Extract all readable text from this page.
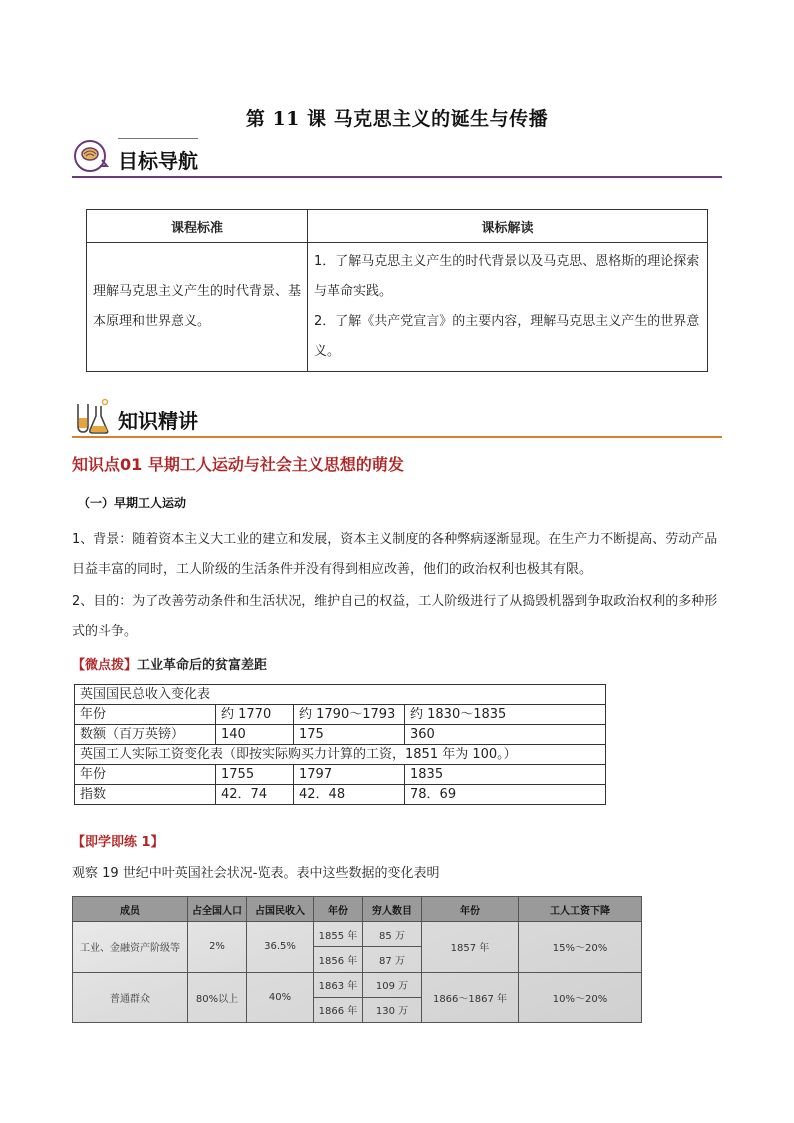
第 11 课 马克思主义的诞生与传播
目标导航
课程标准	课标解读
理解马克思主义产生的时代背景、基本原理和世界意义。	1．了解马克思主义产生的时代背景以及马克思、恩格斯的理论探索与革命实践。
2．了解《共产党宣言》的主要内容，理解马克思主义产生的世界意义。
知识精讲
知识点01 早期工人运动与社会主义思想的萌发
（一）早期工人运动
1、背景：随着资本主义大工业的建立和发展，资本主义制度的各种弊病逐渐显现。在生产力不断提高、劳动产品日益丰富的同时，工人阶级的生活条件并没有得到相应改善，他们的政治权利也极其有限。
2、目的：为了改善劳动条件和生活状况，维护自己的权益，工人阶级进行了从捣毁机器到争取政治权利的多种形式的斗争。
【微点拨】工业革命后的贫富差距
英国国民总收入变化表			
年份	约 1770	约 1790～1793	约 1830～1835
数额（百万英镑）	140	175	360
英国工人实际工资变化表（即按实际购买力计算的工资，1851 年为 100。）			
年份	1755	1797	1835
指数	42．74	42．48	78．69
【即学即练 1】
观察 19 世纪中叶英国社会状况-览表。表中这些数据的变化表明
成员	占全国人口	占国民收入	年份	穷人数目	年份	工人工资下降
工业、金融资产阶级等	2%	36.5%	1855 年	85 万	1857 年	15%～20%
			1856 年	87 万		
普通群众	80%以上	40%	1863 年	109 万	1866～1867 年	10%～20%
			1866 年	130 万		
